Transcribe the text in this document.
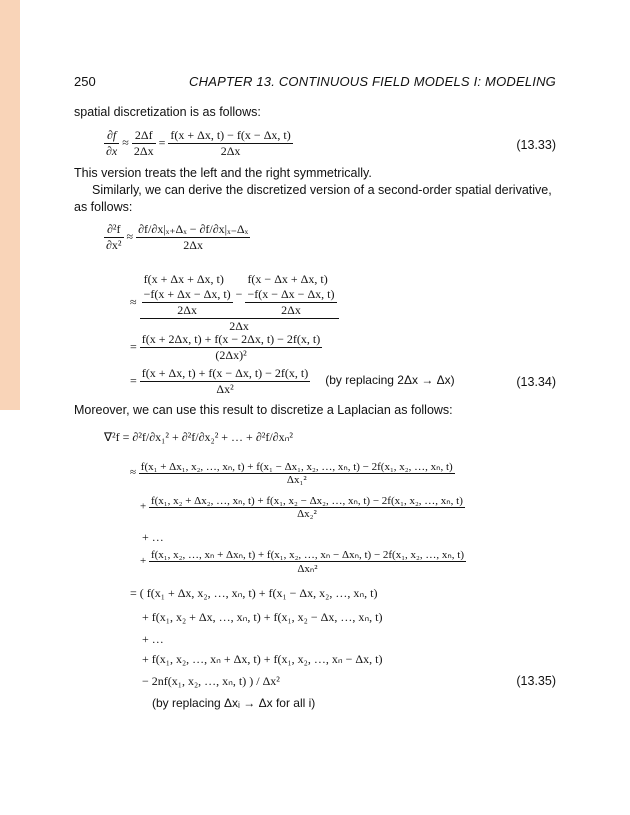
250	CHAPTER 13. CONTINUOUS FIELD MODELS I: MODELING
spatial discretization is as follows:
$\frac{\partial f}{\partial x} \approx \frac{2\Delta f}{2\Delta x} = \frac{f(x + \Delta x, t) - f(x - \Delta x, t)}{2\Delta x}$	(13.33)
This version treats the left and the right symmetrically.
Similarly, we can derive the discretized version of a second-order spatial derivative, as follows:
$\frac{\text{∂²f}}{\text{∂x²}} \approx \frac{\text{∂f/∂x|ₓ₊Δₓ − ∂f/∂x|ₓ₋Δₓ}}{2\Delta x}$
≈
f(x + Δx + Δx, t)
−f(x + Δx − Δx, t)
2Δx
−
f(x − Δx + Δx, t)
−f(x − Δx − Δx, t)
2Δx
2Δx
= $\frac{f(x + 2\Delta x, t) + f(x - 2\Delta x, t) - 2f(x, t)}{\text{(2Δx)²}}$
= $\frac{f(x + \Delta x, t) + f(x - \Delta x, t) - 2f(x, t)}{\text{Δx²}} (by$ replacing 2Δx → Δx)	(13.34)
Moreover, we can use this result to discretize a Laplacian as follows:
∇²f = ∂²f/∂x₁² + ∂²f/∂x₂² + … + ∂²f/∂xₙ²
≈ f(x₁ + Δx₁, x₂, …, xₙ, t) + f(x₁ − Δx₁, x₂, …, xₙ, t) − 2f(x₁, x₂, …, xₙ, t)
Δx₁²
+ f(x₁, x₂ + Δx₂, …, xₙ, t) + f(x₁, x₂ − Δx₂, …, xₙ, t) − 2f(x₁, x₂, …, xₙ, t)
Δx₂²
+ …
+
f(x₁, x₂, …, xₙ + Δxₙ, t) + f(x₁, x₂, …, xₙ − Δxₙ, t) − 2f(x₁, x₂, …, xₙ, t)
Δxₙ²
= ( f(x₁ + Δx, x₂, …, xₙ, t) + f(x₁ − Δx, x₂, …, xₙ, t)
+ f(x₁, x₂ + Δx, …, xₙ, t) + f(x₁, x₂ − Δx, …, xₙ, t)
+ …
+ f(x₁, x₂, …, xₙ + Δx, t) + f(x₁, x₂, …, xₙ − Δx, t)
− 2nf(x₁, x₂, …, xₙ, t) ) / Δx²	(13.35)
(by replacing Δxᵢ → Δx for all i)
